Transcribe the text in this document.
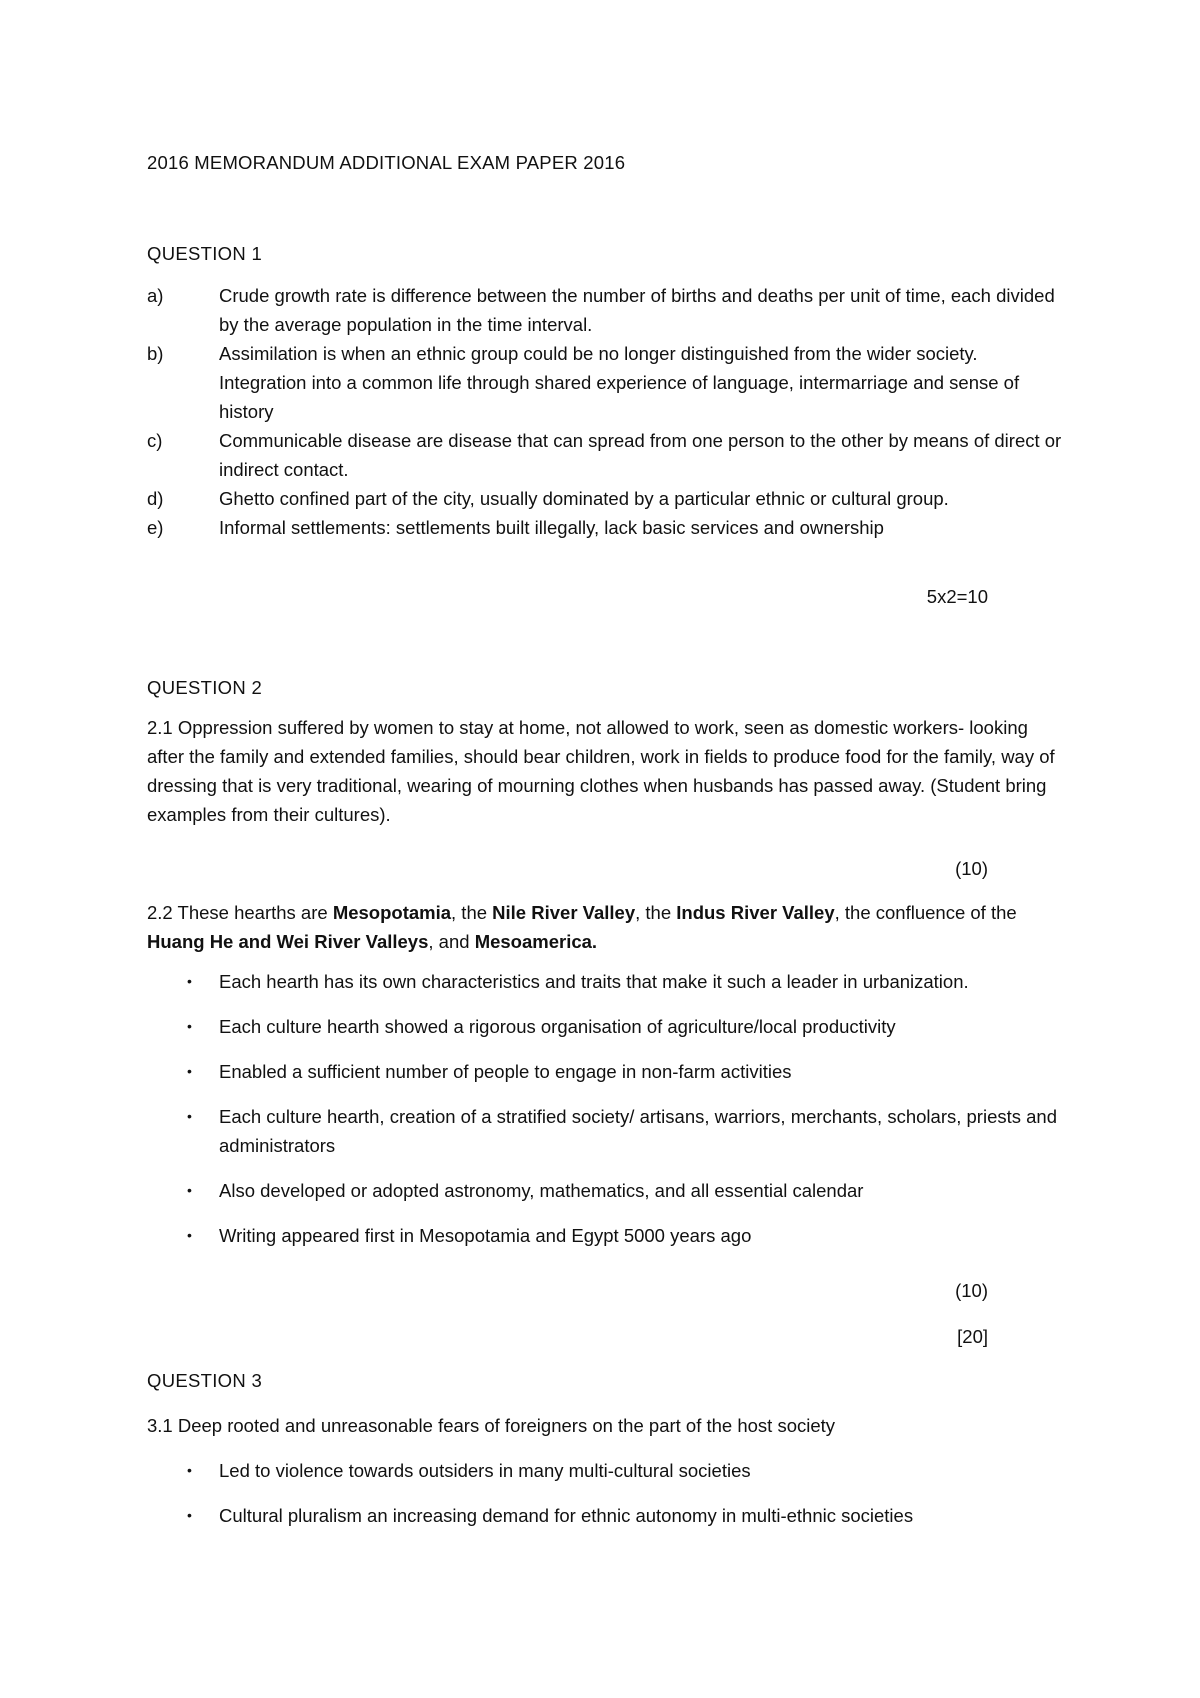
2016 MEMORANDUM ADDITIONAL EXAM PAPER 2016
QUESTION 1
a)	Crude growth rate is difference between the number of births and deaths per unit of time, each divided by the average population in the time interval.
b)	Assimilation is when an ethnic group could be no longer distinguished from the wider society. Integration into a common life through shared experience of language, intermarriage and sense of history
c)	Communicable disease are disease that can spread from one person to the other by means of direct or indirect contact.
d)	Ghetto confined part of the city, usually dominated by a particular ethnic or cultural group.
e)	Informal settlements: settlements built illegally, lack basic services and ownership
5x2=10
QUESTION 2
2.1 Oppression suffered by women to stay at home, not allowed to work, seen as domestic workers- looking after the family and extended families, should bear children, work in fields to produce food for the family, way of dressing that is very traditional, wearing of mourning clothes when husbands has passed away. (Student bring examples from their cultures).
(10)
2.2 These hearths are Mesopotamia, the Nile River Valley, the Indus River Valley, the confluence of the Huang He and Wei River Valleys, and Mesoamerica.
• Each hearth has its own characteristics and traits that make it such a leader in urbanization.
• Each culture hearth showed a rigorous organisation of agriculture/local productivity
• Enabled a sufficient number of people to engage in non-farm activities
• Each culture hearth, creation of a stratified society/ artisans, warriors, merchants, scholars, priests and administrators
• Also developed or adopted astronomy, mathematics, and all essential calendar
• Writing appeared first in Mesopotamia and Egypt 5000 years ago
(10)
[20]
QUESTION 3
3.1 Deep rooted and unreasonable fears of foreigners on the part of the host society
• Led to violence towards outsiders in many multi-cultural societies
• Cultural pluralism an increasing demand for ethnic autonomy in multi-ethnic societies
